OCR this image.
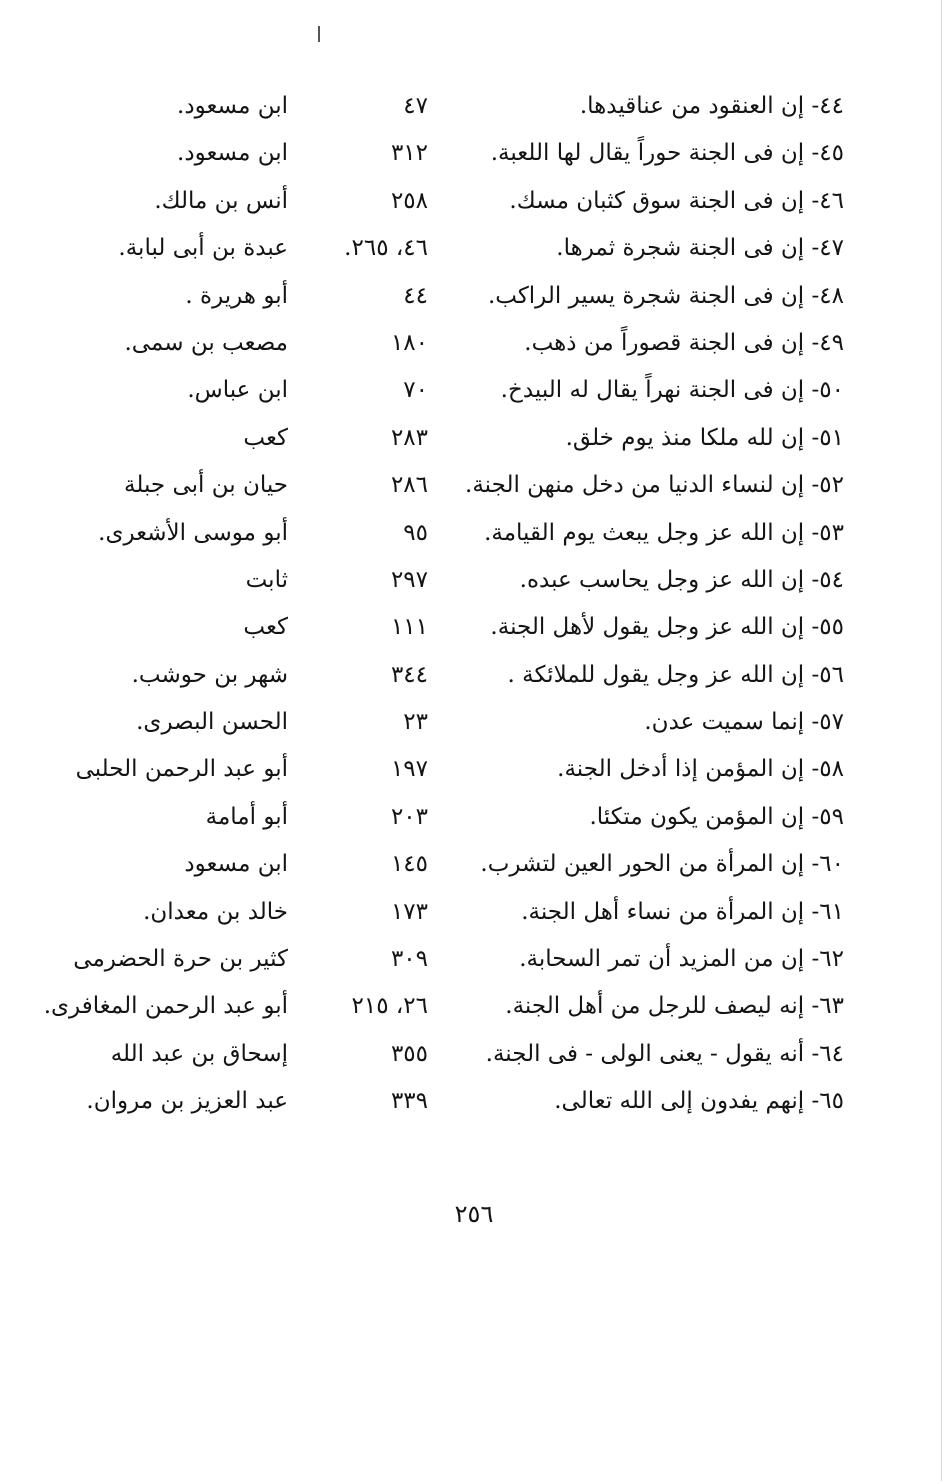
٤٤- إن العنقود من عناقيدها.
٤٧
ابن مسعود.
٤٥- إن فى الجنة حوراً يقال لها اللعبة.
٣١٢
ابن مسعود.
٤٦- إن فى الجنة سوق كثبان مسك.
٢٥٨
أنس بن مالك.
٤٧- إن فى الجنة شجرة ثمرها.
٤٦، ٢٦٥.
عبدة بن أبى لبابة.
٤٨- إن فى الجنة شجرة يسير الراكب.
٤٤
أبو هريرة .
٤٩- إن فى الجنة قصوراً من ذهب.
١٨٠
مصعب بن سمى.
٥٠- إن فى الجنة نهراً يقال له البيدخ.
٧٠
ابن عباس.
٥١- إن لله ملكا منذ يوم خلق.
٢٨٣
كعب
٥٢- إن لنساء الدنيا من دخل منهن الجنة.
٢٨٦
حيان بن أبى جبلة
٥٣- إن الله عز وجل يبعث يوم القيامة.
٩٥
أبو موسى الأشعرى.
٥٤- إن الله عز وجل يحاسب عبده.
٢٩٧
ثابت
٥٥- إن الله عز وجل يقول لأهل الجنة.
١١١
كعب
٥٦- إن الله عز وجل يقول للملائكة .
٣٤٤
شهر بن حوشب.
٥٧- إنما سميت عدن.
٢٣
الحسن البصرى.
٥٨- إن المؤمن إذا أدخل الجنة.
١٩٧
أبو عبد الرحمن الحلبى
٥٩- إن المؤمن يكون متكئا.
٢٠٣
أبو أمامة
٦٠- إن المرأة من الحور العين لتشرب.
١٤٥
ابن مسعود
٦١- إن المرأة من نساء أهل الجنة.
١٧٣
خالد بن معدان.
٦٢- إن من المزيد أن تمر السحابة.
٣٠٩
كثير بن حرة الحضرمى
٦٣- إنه ليصف للرجل من أهل الجنة.
٢٦، ٢١٥
أبو عبد الرحمن المغافرى.
٦٤- أنه يقول - يعنى الولى - فى الجنة.
٣٥٥
إسحاق بن عبد الله
٦٥- إنهم يفدون إلى الله تعالى.
٣٣٩
عبد العزيز بن مروان.
٢٥٦
